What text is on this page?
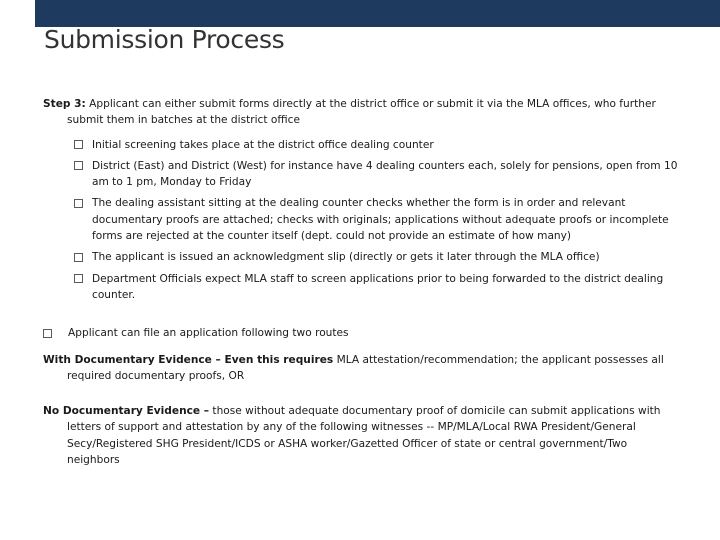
Submission Process

Step 3: Applicant can either submit forms directly at the district office or submit it via the MLA offices, who further submit them in batches at the district office

Initial screening takes place at the district office dealing counter
District (East) and District (West) for instance have 4 dealing counters each, solely for pensions, open from 10 am to 1 pm, Monday to Friday
The dealing assistant sitting at the dealing counter checks whether the form is in order and relevant documentary proofs are attached; checks with originals; applications without adequate proofs or incomplete forms are rejected at the counter itself (dept. could not provide an estimate of how many)
The applicant is issued an acknowledgment slip (directly or gets it later through the MLA office)
Department Officials expect MLA staff to screen applications prior to being forwarded to the district dealing counter.
Applicant can file an application following two routes

With Documentary Evidence – Even this requires MLA attestation/recommendation; the applicant possesses all required documentary proofs, OR

No Documentary Evidence – those without adequate documentary proof of domicile can submit applications with letters of support and attestation by any of the following witnesses -- MP/MLA/Local RWA President/General Secy/Registered SHG President/ICDS or ASHA worker/Gazetted Officer of state or central government/Two neighbors
